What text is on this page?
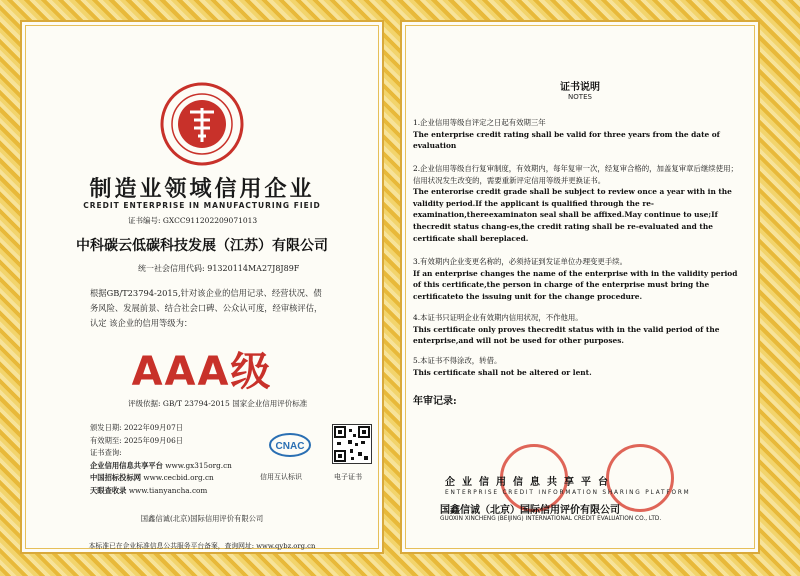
制造业领域信用企业
CREDIT ENTERPRISE IN MANUFACTURING FIEID
证书编号: GXCC911202209071013
中科碳云低碳科技发展（江苏）有限公司
统一社会信用代码: 91320114MA27J8J89F
根据GB/T23794-2015,针对该企业的信用记录、经营状况、债务风险、发展前景、结合社会口碑、公众认可度，经审核评估，认定 该企业的信用等级为：
AAA级
评级依据: GB/T 23794-2015 国家企业信用评价标准
颁发日期: 2022年09月07日
有效期至: 2025年09月06日
证书查询:
企业信用信息共享平台 www.gx315org.cn
中国招标投标网 www.cecbid.org.cn
天眼查收录 www.tianyancha.com
CNAC
信用互认标识	电子证书
国鑫信诚(北京)国际信用评价有限公司
本标准已在企业标准信息公共服务平台备案，查询网址: www.qybz.org.cn
证书说明
NOTES
1.企业信用等级自评定之日起有效期三年
The enterprise credit rating shall be valid for three years from the date of evaluation
2.企业信用等级自行复审制度，有效期内，每年复审一次，经复审合格的，加盖复审章后继续使用；信用状况发生改变的，需要重新评定信用等级并更换证书。
The enterorise credit grade shall be subject to review once a year with in the validity period.If the applicant is qualified through the re-examination,thereexaminaton seal shall be affixed.May continue to use;If thecredit status chang-es,the credit rating shall be re-evaluated and the certificate shall bereplaced.
3.有效期内企业变更名称的，必须持证到发证单位办理变更手续。
If an enterprise changes the name of the enterprise with in the validity period of this certificate,the person in charge of the enterprise must bring the certificateto the issuing unit for the change procedure.
4.本证书只证明企业有效期内信用状况，不作他用。
This certificate only proves thecredit status with in the valid period of the enterprise,and will not be used for other purposes.
5.本证书不得涂改，转借。
This certificate shall not be altered or lent.
年审记录:
企业信用信息共享平台
ENTERPRISE CREDIT INFORMATION SHARING PLATFORM
国鑫信诚（北京）国际信用评价有限公司
GUOXIN XINCHENG (BEIJING) INTERNATIONAL CREDIT EVALUATION CO., LTD.
